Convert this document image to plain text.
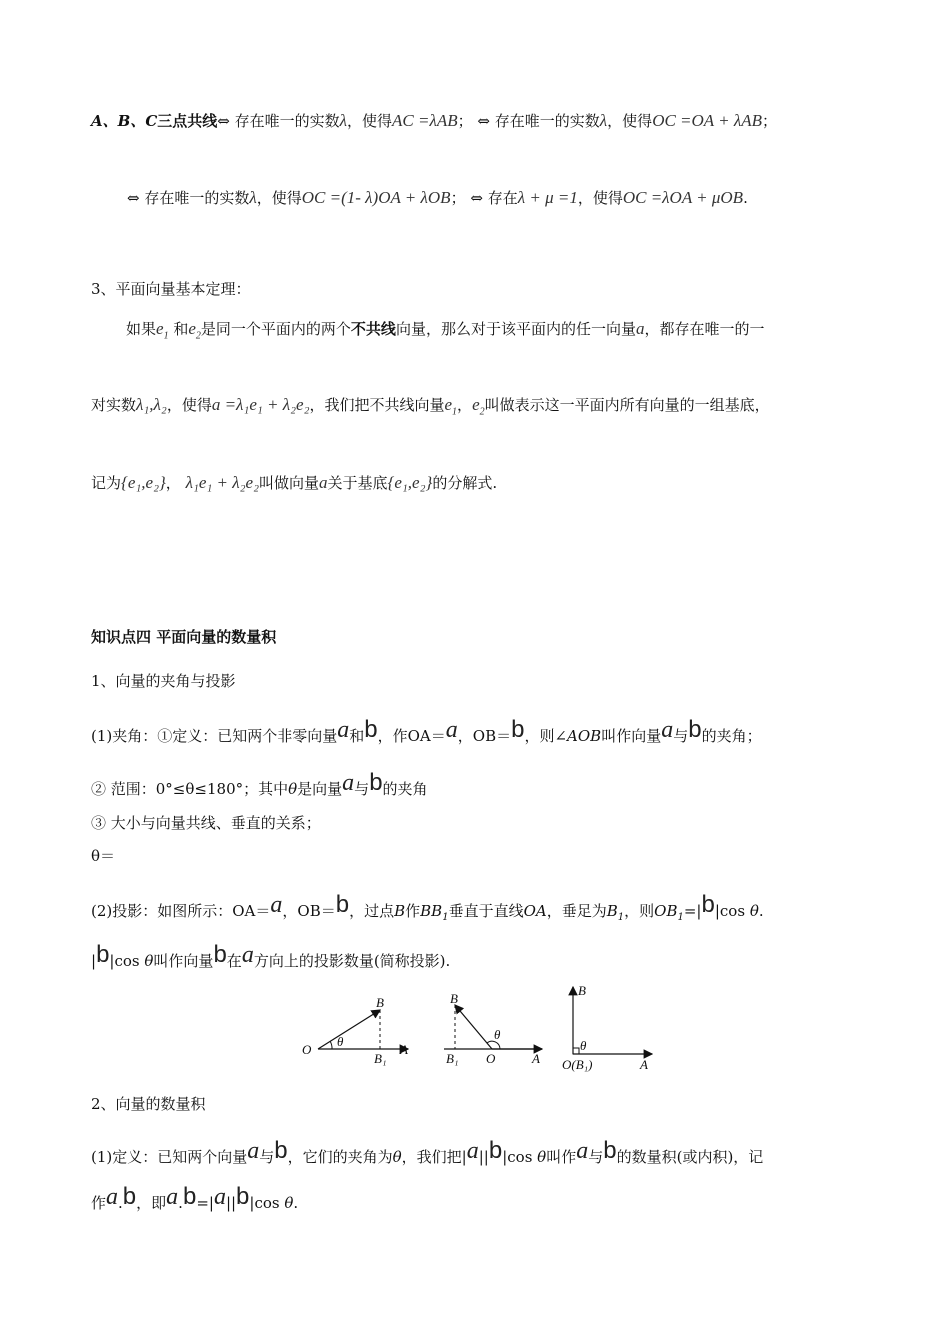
A、B、C三点共线⇔ 存在唯一的实数λ，使得AC =λAB； ⇔ 存在唯一的实数λ，使得OC =OA + λAB；
⇔ 存在唯一的实数λ，使得OC =(1- λ)OA + λOB； ⇔ 存在λ + μ =1，使得OC =λOA + μOB.
3、平面向量基本定理：
如果$e_1$ 和$e_2$是同一个平面内的两个不共线向量，那么对于该平面内的任一向量a，都存在唯一的一
对实数λ₁,λ₂，使得a =λ₁e₁ + λ₂e₂，我们把不共线向量$e_1$，$e_2$叫做表示这一平面内所有向量的一组基底，
记为{e₁,e₂}， λ₁e₁ + λ₂e₂叫做向量a关于基底{e₁,e₂}的分解式.
知识点四 平面向量的数量积
1、向量的夹角与投影
(1)夹角：①定义：已知两个非零向量a和b，作OA＝a，OB＝b，则∠AOB叫作向量a与b的夹角；
② 范围：0°≤θ≤180°；其中θ是向量a与b的夹角
③ 大小与向量共线、垂直的关系；
θ＝
(2)投影：如图所示：OA＝a，OB＝b，过点B作$BB_1$垂直于直线OA，垂足为$B_1$，则$OB_1=|b|\cos$ θ.
|b|cos θ叫作向量b在a方向上的投影数量(简称投影).
O	A
B
B₁
θ
B
B₁ O	A
θ
B
θ
O(B₁)	A
2、向量的数量积
(1)定义：已知两个向量a与b，它们的夹角为θ，我们把|a||b|cos θ叫作a与b的数量积(或内积)，记
作a.b，即a.b=|a||b|cos θ.
